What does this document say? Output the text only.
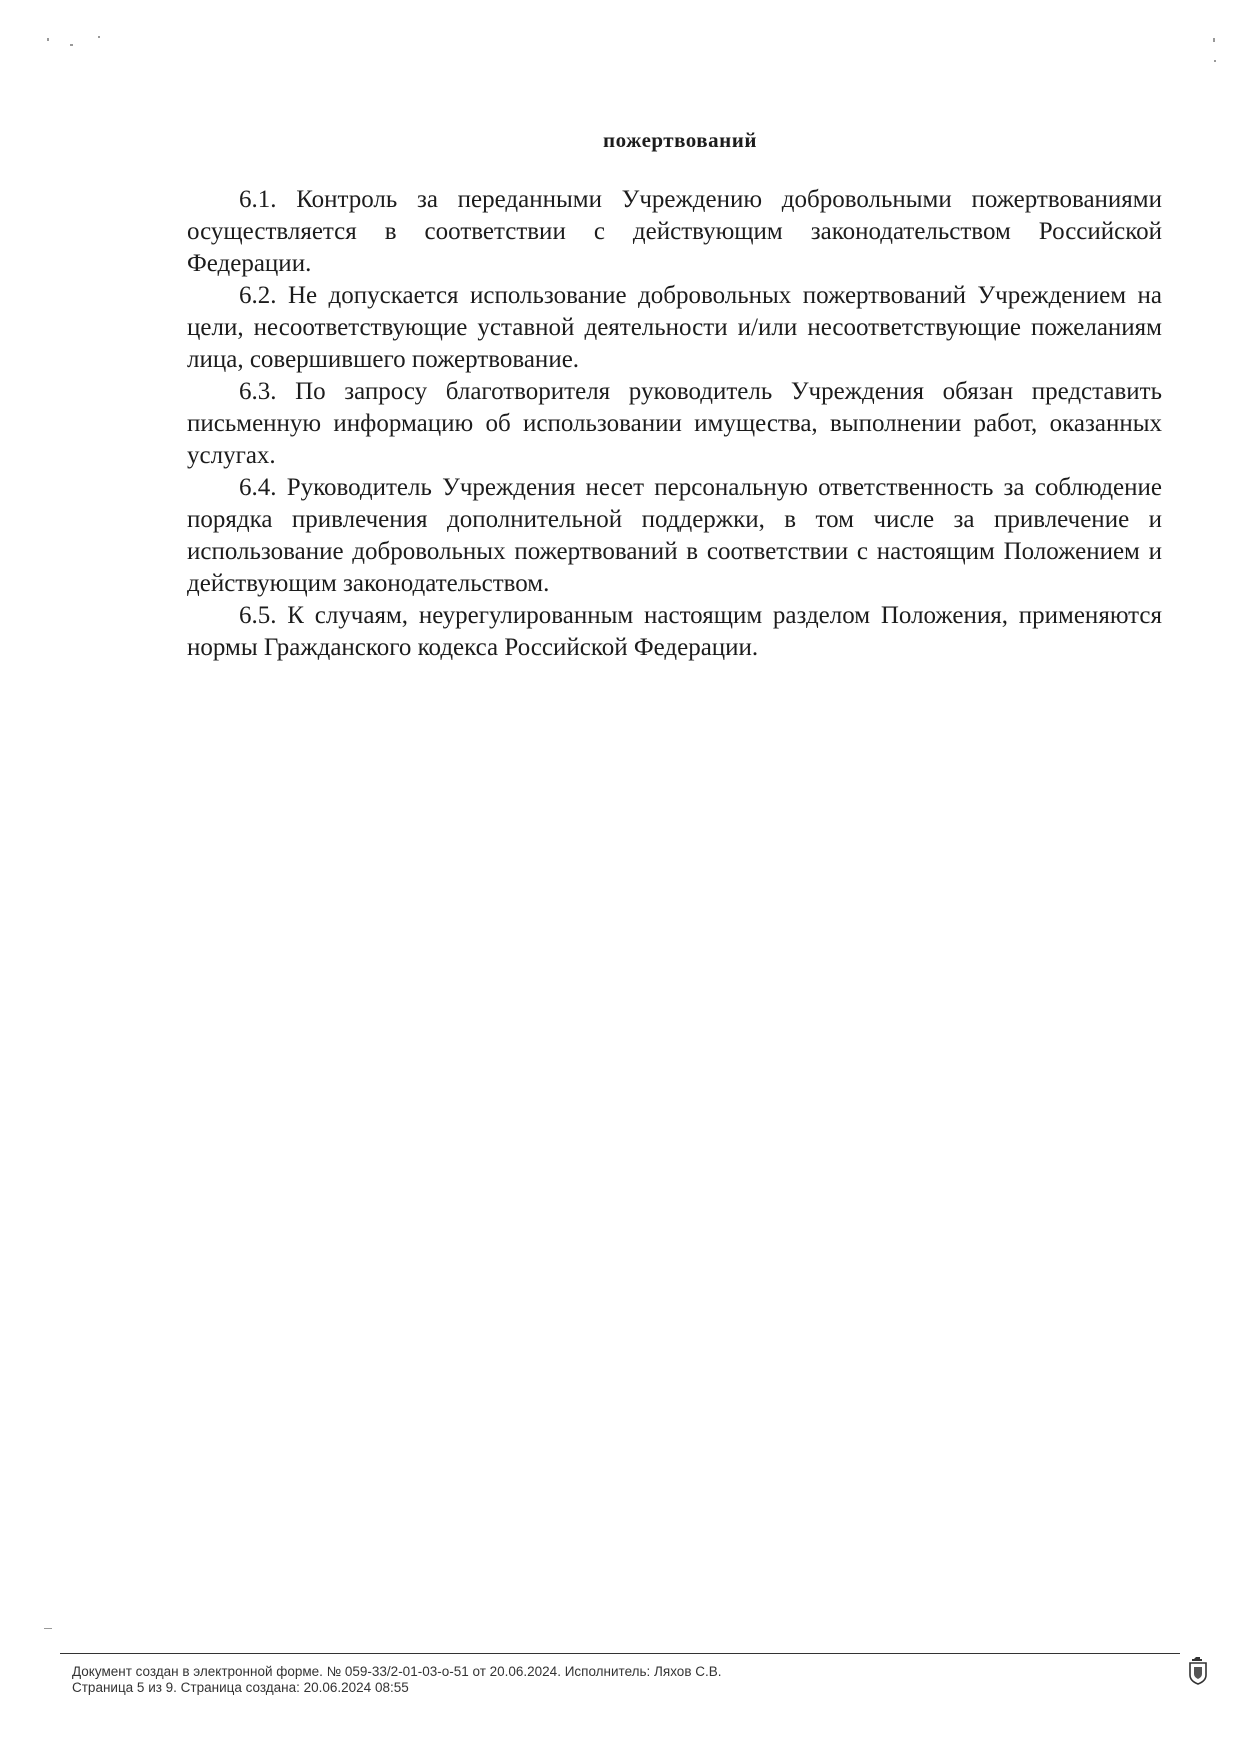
пожертвований

6.1. Контроль за переданными Учреждению добровольными пожертвованиями осуществляется в соответствии с действующим законодательством Российской Федерации.

6.2. Не допускается использование добровольных пожертвований Учреждением на цели, несоответствующие уставной деятельности и/или несоответствующие пожеланиям лица, совершившего пожертвование.

6.3. По запросу благотворителя руководитель Учреждения обязан представить письменную информацию об использовании имущества, выполнении работ, оказанных услугах.

6.4. Руководитель Учреждения несет персональную ответственность за соблюдение порядка привлечения дополнительной поддержки, в том числе за привлечение и использование добровольных пожертвований в соответствии с настоящим Положением и действующим законодательством.

6.5. К случаям, неурегулированным настоящим разделом Положения, применяются нормы Гражданского кодекса Российской Федерации.

Документ создан в электронной форме. № 059-33/2-01-03-о-51 от 20.06.2024. Исполнитель: Ляхов С.В.
Страница 5 из 9. Страница создана: 20.06.2024 08:55
